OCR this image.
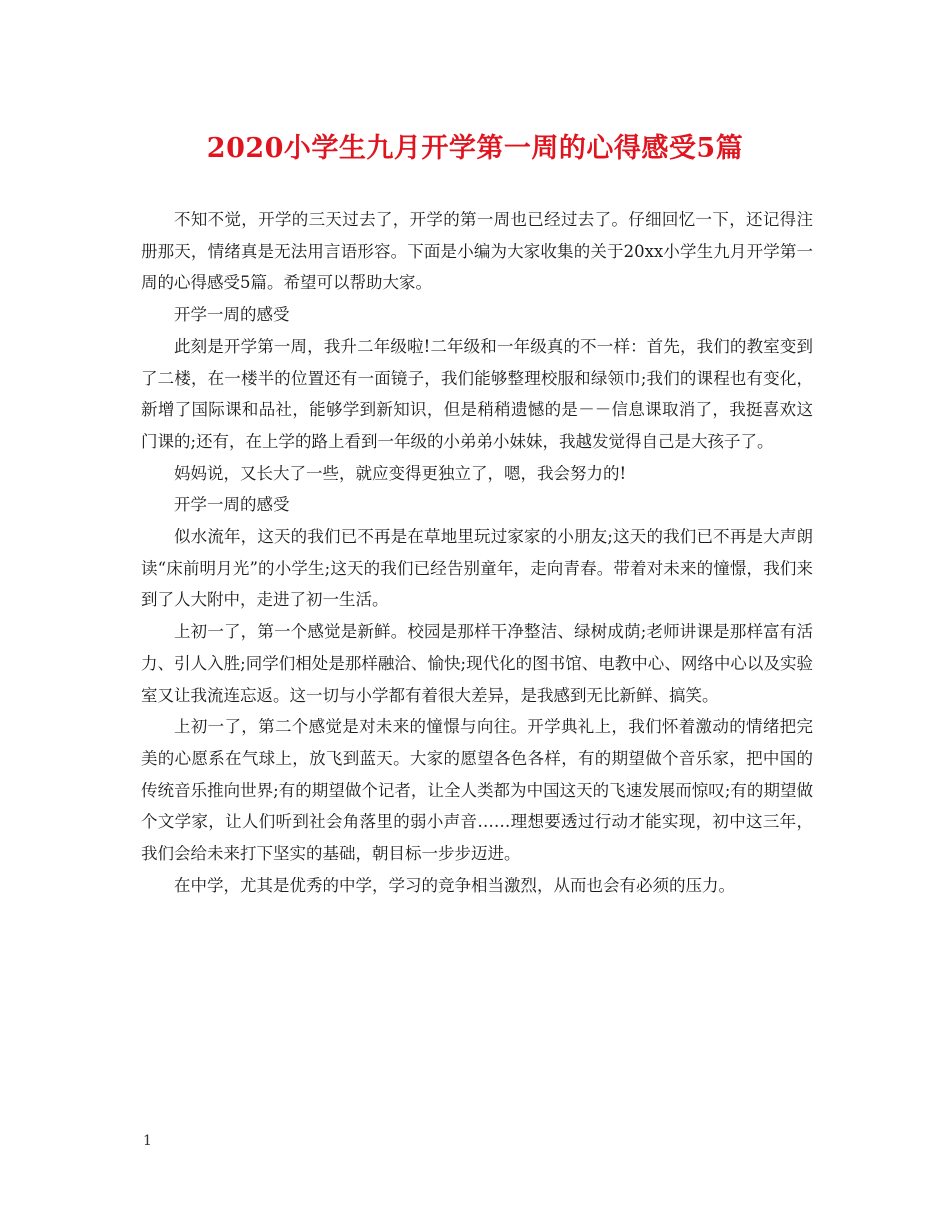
2020小学生九月开学第一周的心得感受5篇

不知不觉，开学的三天过去了，开学的第一周也已经过去了。仔细回忆一下，还记得注册那天，情绪真是无法用言语形容。下面是小编为大家收集的关于20xx小学生九月开学第一周的心得感受5篇。希望可以帮助大家。

开学一周的感受

此刻是开学第一周，我升二年级啦!二年级和一年级真的不一样：首先，我们的教室变到了二楼，在一楼半的位置还有一面镜子，我们能够整理校服和绿领巾;我们的课程也有变化，新增了国际课和品社，能够学到新知识，但是稍稍遗憾的是－－信息课取消了，我挺喜欢这门课的;还有，在上学的路上看到一年级的小弟弟小妹妹，我越发觉得自己是大孩子了。

妈妈说，又长大了一些，就应变得更独立了，嗯，我会努力的!

开学一周的感受

似水流年，这天的我们已不再是在草地里玩过家家的小朋友;这天的我们已不再是大声朗读“床前明月光”的小学生;这天的我们已经告别童年，走向青春。带着对未来的憧憬，我们来到了人大附中，走进了初一生活。

上初一了，第一个感觉是新鲜。校园是那样干净整洁、绿树成荫;老师讲课是那样富有活力、引人入胜;同学们相处是那样融洽、愉快;现代化的图书馆、电教中心、网络中心以及实验室又让我流连忘返。这一切与小学都有着很大差异，是我感到无比新鲜、搞笑。

上初一了，第二个感觉是对未来的憧憬与向往。开学典礼上，我们怀着激动的情绪把完美的心愿系在气球上，放飞到蓝天。大家的愿望各色各样，有的期望做个音乐家，把中国的传统音乐推向世界;有的期望做个记者，让全人类都为中国这天的飞速发展而惊叹;有的期望做个文学家，让人们听到社会角落里的弱小声音……理想要透过行动才能实现，初中这三年，我们会给未来打下坚实的基础，朝目标一步步迈进。

在中学，尤其是优秀的中学，学习的竞争相当激烈，从而也会有必须的压力。

1
